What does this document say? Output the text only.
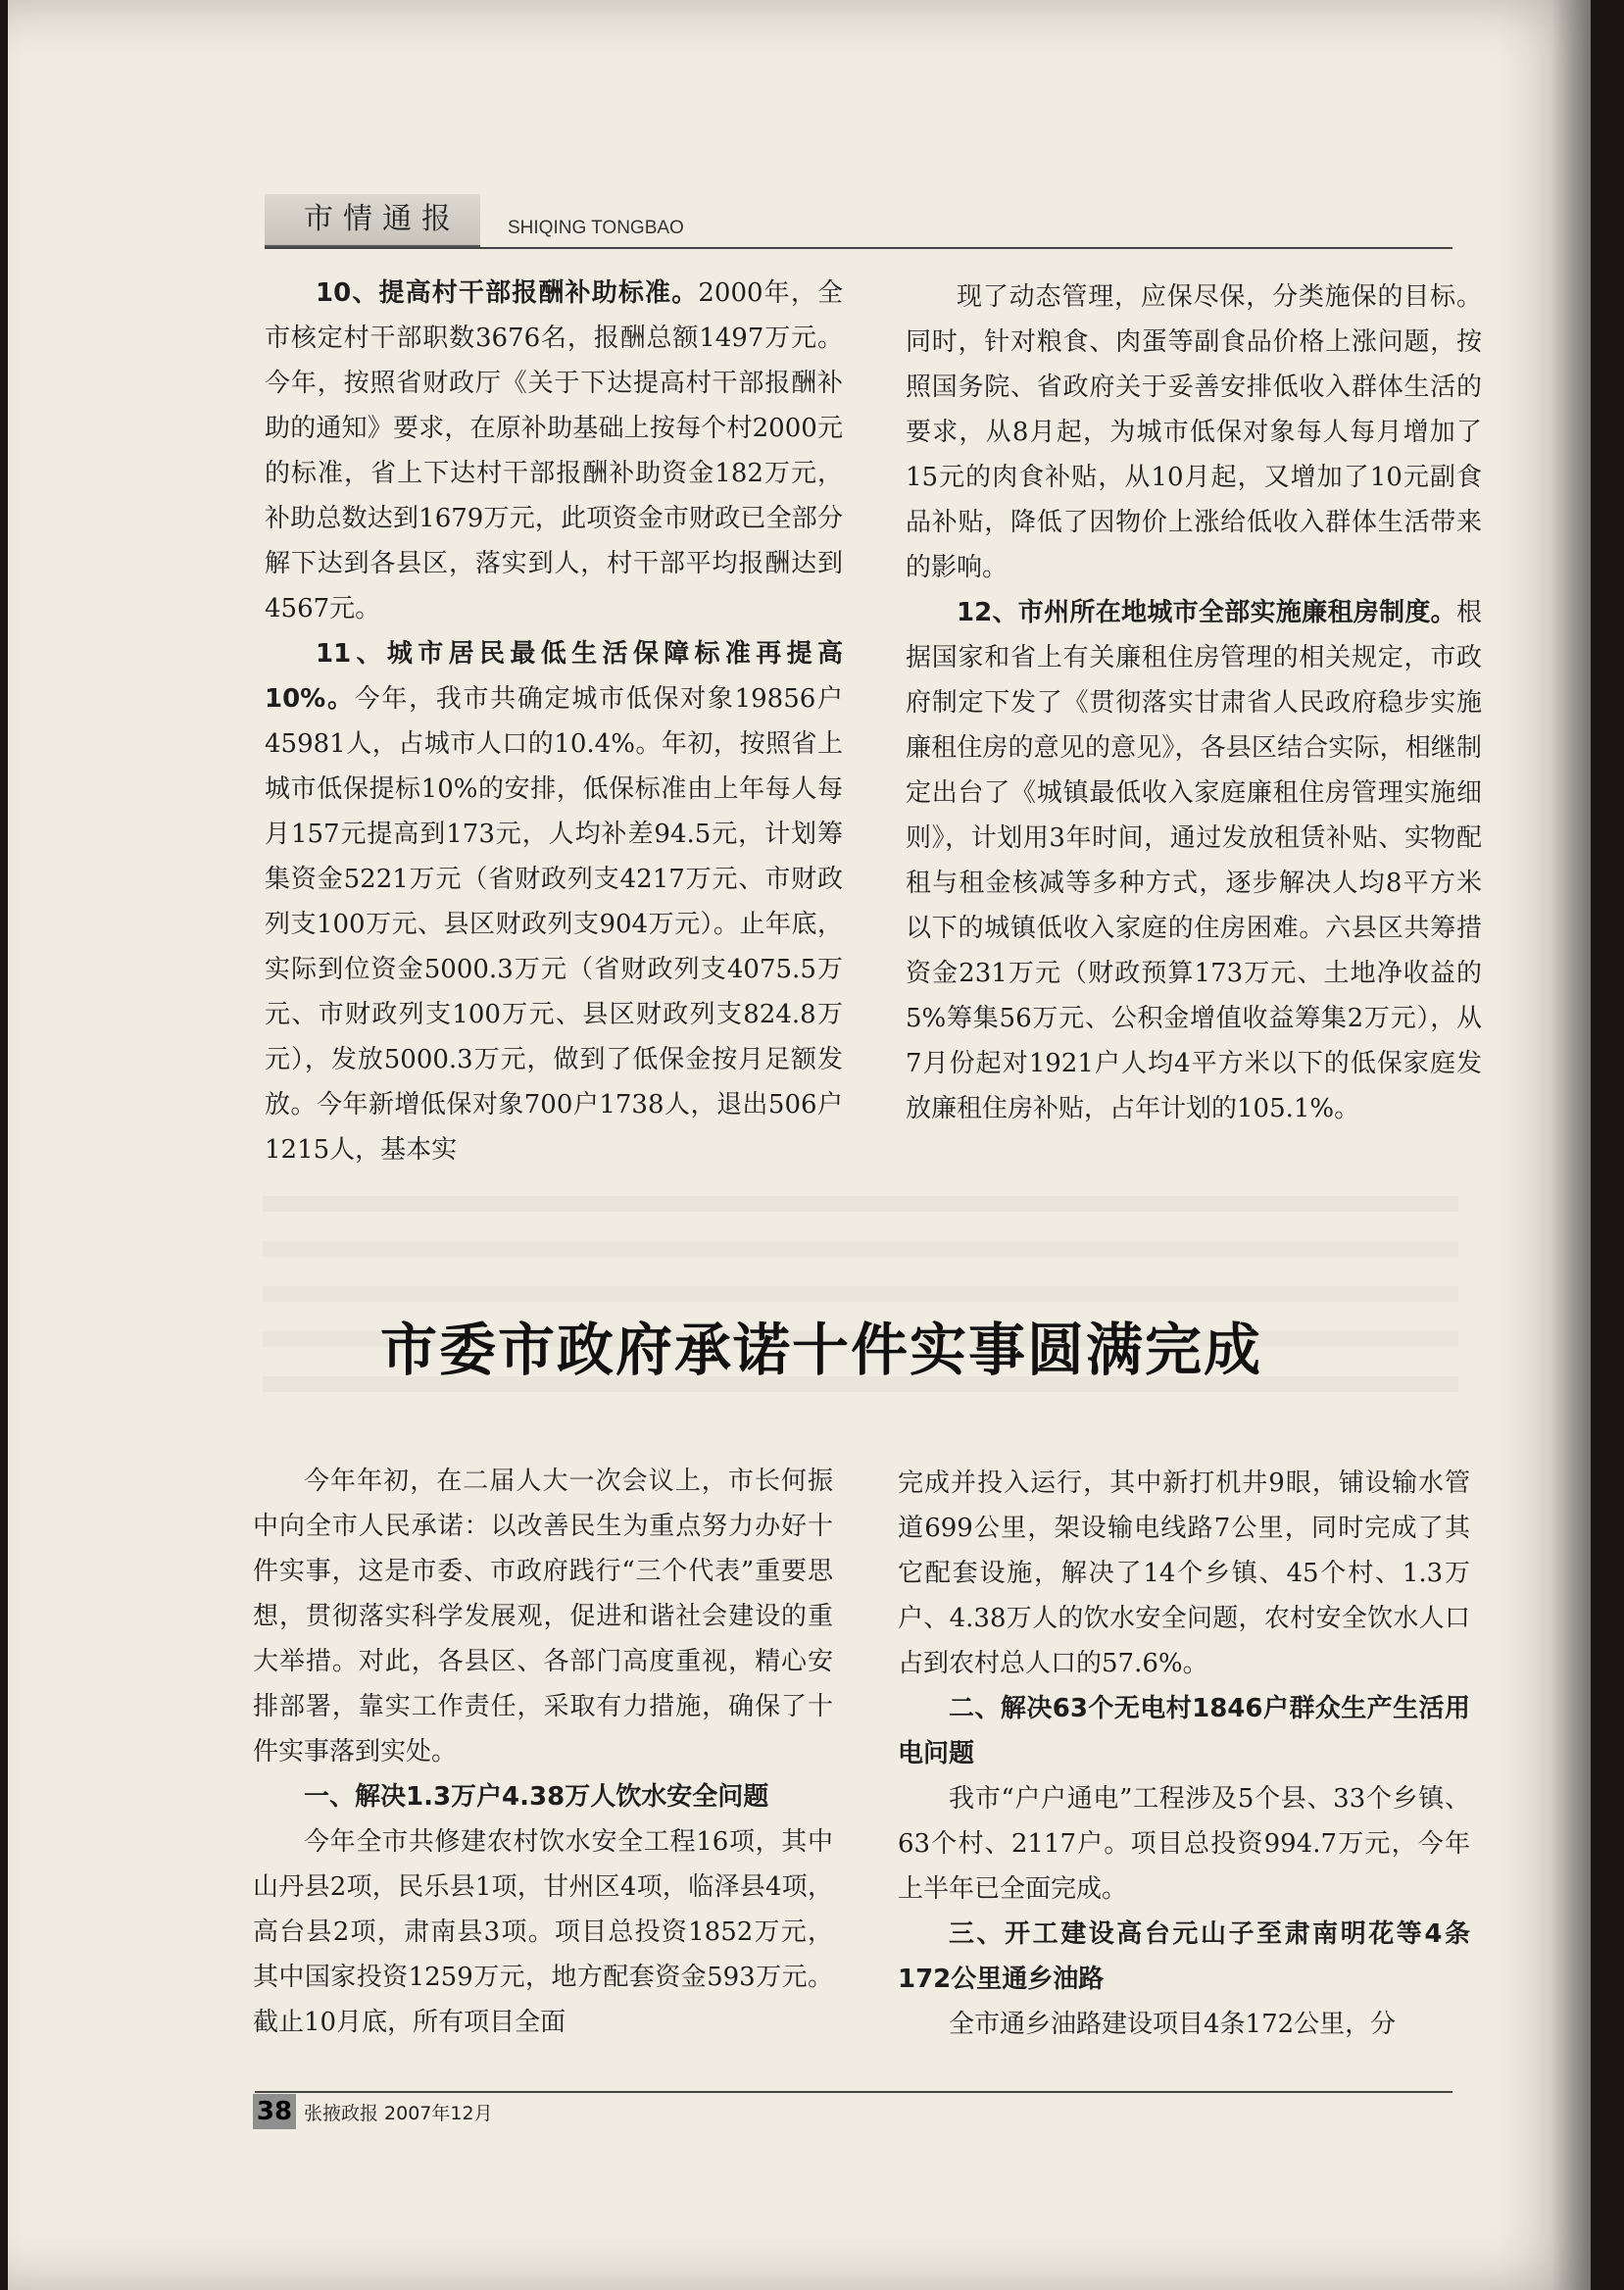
市情通报	SHIQING TONGBAO

10、提高村干部报酬补助标准。2000年，全市核定村干部职数3676名，报酬总额1497万元。今年，按照省财政厅《关于下达提高村干部报酬补助的通知》要求，在原补助基础上按每个村2000元的标准，省上下达村干部报酬补助资金182万元，补助总数达到1679万元，此项资金市财政已全部分解下达到各县区，落实到人，村干部平均报酬达到4567元。

11、城市居民最低生活保障标准再提高10%。今年，我市共确定城市低保对象19856户45981人，占城市人口的10.4%。年初，按照省上城市低保提标10%的安排，低保标准由上年每人每月157元提高到173元，人均补差94.5元，计划筹集资金5221万元（省财政列支4217万元、市财政列支100万元、县区财政列支904万元）。止年底，实际到位资金5000.3万元（省财政列支4075.5万元、市财政列支100万元、县区财政列支824.8万元），发放5000.3万元，做到了低保金按月足额发放。今年新增低保对象700户1738人，退出506户1215人，基本实

现了动态管理，应保尽保，分类施保的目标。同时，针对粮食、肉蛋等副食品价格上涨问题，按照国务院、省政府关于妥善安排低收入群体生活的要求，从8月起，为城市低保对象每人每月增加了15元的肉食补贴，从10月起，又增加了10元副食品补贴，降低了因物价上涨给低收入群体生活带来的影响。

12、市州所在地城市全部实施廉租房制度。根据国家和省上有关廉租住房管理的相关规定，市政府制定下发了《贯彻落实甘肃省人民政府稳步实施廉租住房的意见的意见》，各县区结合实际，相继制定出台了《城镇最低收入家庭廉租住房管理实施细则》，计划用3年时间，通过发放租赁补贴、实物配租与租金核减等多种方式，逐步解决人均8平方米以下的城镇低收入家庭的住房困难。六县区共筹措资金231万元（财政预算173万元、土地净收益的5%筹集56万元、公积金增值收益筹集2万元），从7月份起对1921户人均4平方米以下的低保家庭发放廉租住房补贴，占年计划的105.1%。

市委市政府承诺十件实事圆满完成

今年年初，在二届人大一次会议上，市长何振中向全市人民承诺：以改善民生为重点努力办好十件实事，这是市委、市政府践行“三个代表”重要思想，贯彻落实科学发展观，促进和谐社会建设的重大举措。对此，各县区、各部门高度重视，精心安排部署，靠实工作责任，采取有力措施，确保了十件实事落到实处。

一、解决1.3万户4.38万人饮水安全问题

今年全市共修建农村饮水安全工程16项，其中山丹县2项，民乐县1项，甘州区4项，临泽县4项，高台县2项，肃南县3项。项目总投资1852万元，其中国家投资1259万元，地方配套资金593万元。截止10月底，所有项目全面

完成并投入运行，其中新打机井9眼，铺设输水管道699公里，架设输电线路7公里，同时完成了其它配套设施，解决了14个乡镇、45个村、1.3万户、4.38万人的饮水安全问题，农村安全饮水人口占到农村总人口的57.6%。

二、解决63个无电村1846户群众生产生活用电问题

我市“户户通电”工程涉及5个县、33个乡镇、63个村、2117户。项目总投资994.7万元，今年上半年已全面完成。

三、开工建设高台元山子至肃南明花等4条172公里通乡油路

全市通乡油路建设项目4条172公里，分

38 张掖政报 2007年12月
